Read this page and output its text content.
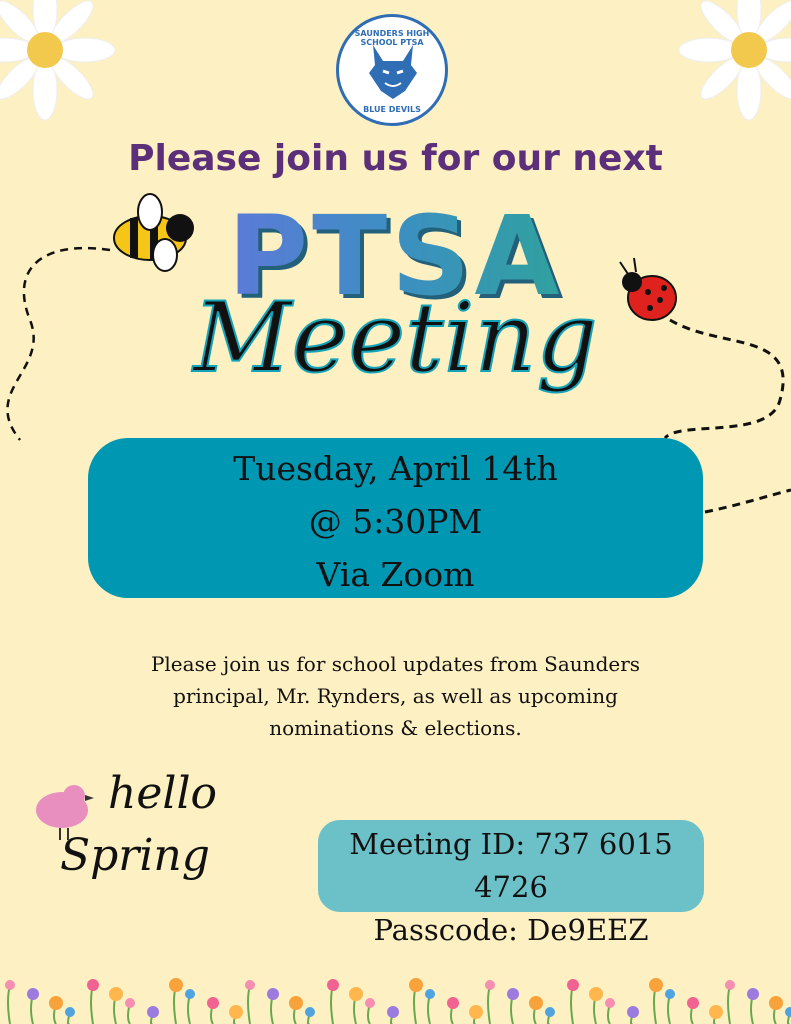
SAUNDERS HIGH SCHOOL PTSA
BLUE DEVILS
Please join us for our next
PTSA
Meeting
Tuesday, April 14th
@ 5:30PM
Via Zoom
Please join us for school updates from Saunders
principal, Mr. Rynders, as well as upcoming
nominations & elections.
hello
Spring	Meeting ID: 737 6015 4726
Passcode: De9EEZ
